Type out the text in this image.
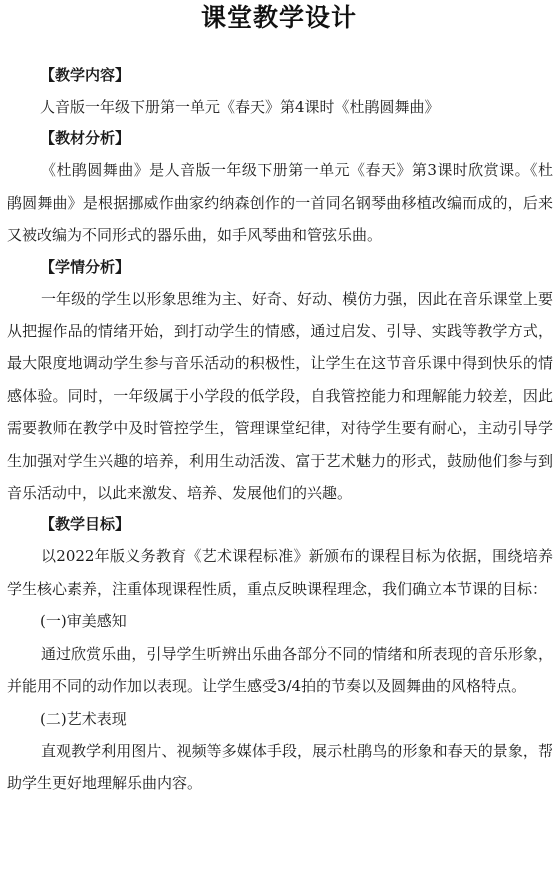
课堂教学设计
【教学内容】
人音版一年级下册第一单元《春天》第4课时《杜鹃圆舞曲》
【教材分析】

《杜鹃圆舞曲》是人音版一年级下册第一单元《春天》第3课时欣赏课。《杜鹃圆舞曲》是根据挪威作曲家约纳森创作的一首同名钢琴曲移植改编而成的，后来又被改编为不同形式的器乐曲，如手风琴曲和管弦乐曲。

【学情分析】

一年级的学生以形象思维为主、好奇、好动、模仿力强，因此在音乐课堂上要从把握作品的情绪开始，到打动学生的情感，通过启发、引导、实践等教学方式，最大限度地调动学生参与音乐活动的积极性，让学生在这节音乐课中得到快乐的情感体验。同时，一年级属于小学段的低学段，自我管控能力和理解能力较差，因此需要教师在教学中及时管控学生，管理课堂纪律，对待学生要有耐心，主动引导学生加强对学生兴趣的培养，利用生动活泼、富于艺术魅力的形式，鼓励他们参与到音乐活动中，以此来激发、培养、发展他们的兴趣。

【教学目标】

以2022年版义务教育《艺术课程标准》新颁布的课程目标为依据，围绕培养学生核心素养，注重体现课程性质，重点反映课程理念，我们确立本节课的目标：

(一)审美感知

通过欣赏乐曲，引导学生听辨出乐曲各部分不同的情绪和所表现的音乐形象，并能用不同的动作加以表现。让学生感受3/4拍的节奏以及圆舞曲的风格特点。

(二)艺术表现

直观教学利用图片、视频等多媒体手段，展示杜鹃鸟的形象和春天的景象，帮助学生更好地理解乐曲内容。
